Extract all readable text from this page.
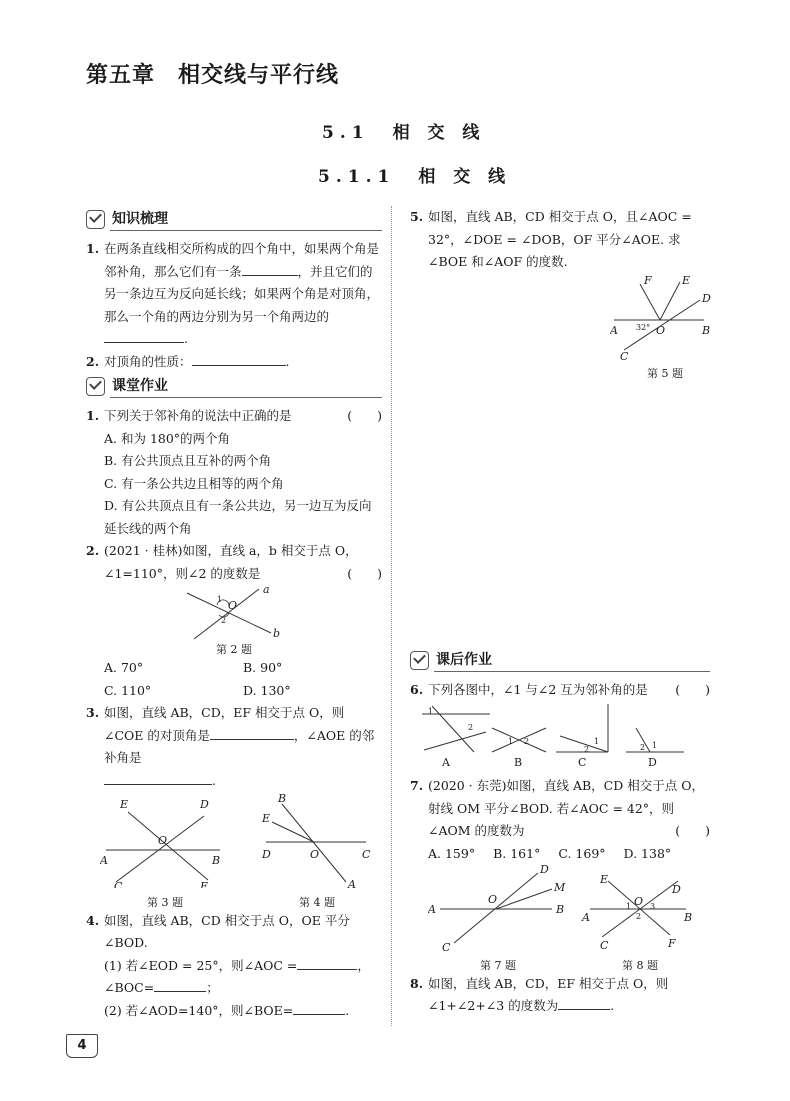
第五章　相交线与平行线
5.1　相 交 线
5.1.1　相 交 线
知识梳理
1. 在两条直线相交所构成的四个角中，如果两个角是邻补角，那么它们有一条	，并且它们的另一条边互为反向延长线；如果两个角是对顶角，那么一个角的两边分别为另一个角两边的.
2. 对顶角的性质：	.
课堂作业
1. 下列关于邻补角的说法中正确的是	(　　)
A. 和为 180°的两个角
B. 有公共顶点且互补的两个角
C. 有一条公共边且相等的两个角
D. 有公共顶点且有一条公共边，另一边互为反向延长线的两个角
2. (2021 · 桂林)如图，直线 a，b 相交于点 O，∠1=110°，则∠2 的度数是	(　　)
a
b
O
1
2
第 2 题
A. 70°	B. 90°
C. 110°	D. 130°
3. 如图，直线 AB，CD，EF 相交于点 O，则∠COE 的对顶角是	，∠AOE 的邻补角是
.
E	D
O
A	B
C	F
第 3 题
B
E
D	O	C
A
第 4 题
4. 如图，直线 AB，CD 相交于点 O，OE 平分∠BOD.
(1) 若∠EOD = 25°，则∠AOC =	，
∠BOC=	；
(2) 若∠AOD=140°，则∠BOE=	.
5. 如图，直线 AB，CD 相交于点 O，且∠AOC = 32°，∠DOE = ∠DOB，OF 平分∠AOE. 求∠BOE 和∠AOF 的度数.
F	E
D
A 32° O	B
C
第 5 题
课后作业
6. 下列各图中，∠1 与∠2 互为邻补角的是 (　　)
1
2
A
1 2
B
1
2
C
1
2
D
7. (2020 · 东莞)如图，直线 AB，CD 相交于点 O，射线 OM 平分∠BOD. 若∠AOC = 42°，则∠AOM 的度数为	(　　)
A. 159° B. 161° C. 169° D. 138°
A
D
M
O
B
C
第 7 题
E
D
A
1 O 3
B
2
C	F
第 8 题
8. 如图，直线 AB，CD，EF 相交于点 O，则∠1+∠2+∠3 的度数为	.
4
